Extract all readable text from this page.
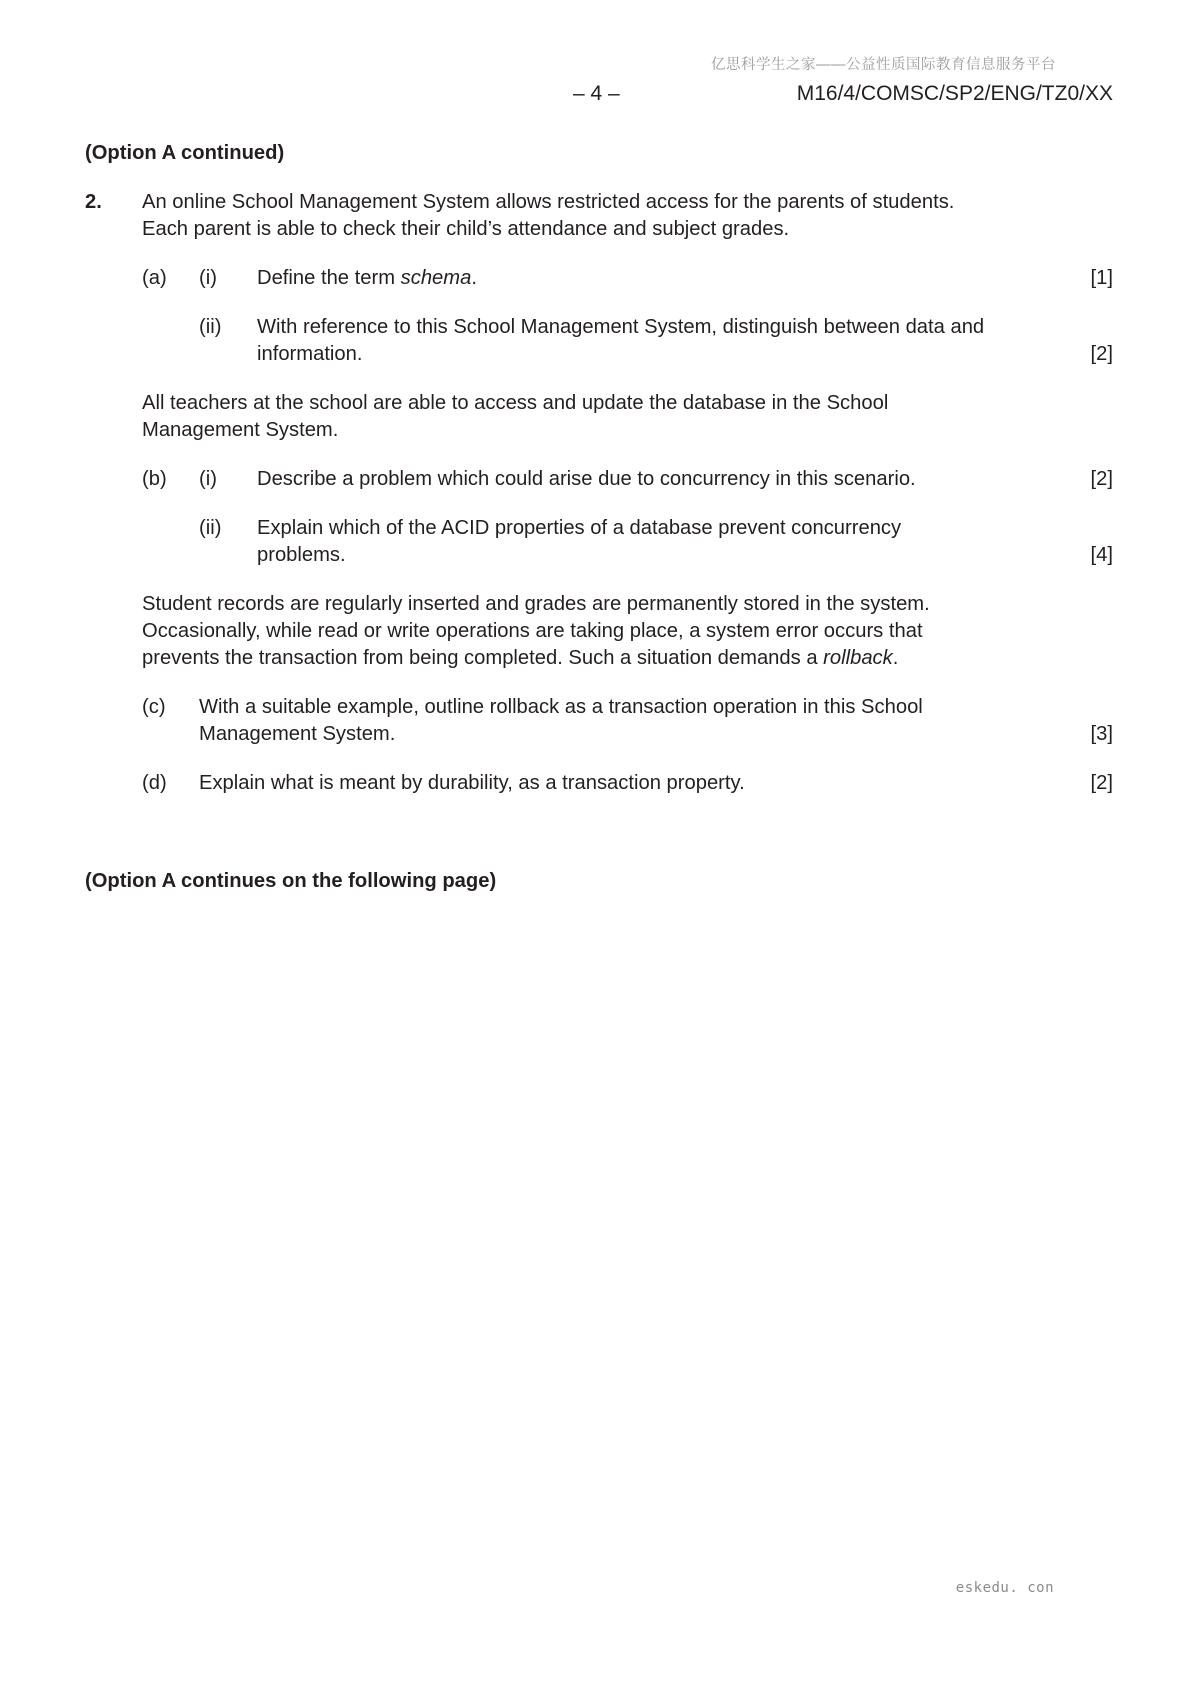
亿思科学生之家——公益性质国际教育信息服务平台
– 4 –	M16/4/COMSC/SP2/ENG/TZ0/XX
(Option A continued)
2. An online School Management System allows restricted access for the parents of students.
Each parent is able to check their child’s attendance and subject grades.
(a) (i) Define the term schema.	[1]
(ii) With reference to this School Management System, distinguish between data and
information.	[2]
All teachers at the school are able to access and update the database in the School
Management System.
(b) (i) Describe a problem which could arise due to concurrency in this scenario.	[2]
(ii) Explain which of the ACID properties of a database prevent concurrency
problems.	[4]
Student records are regularly inserted and grades are permanently stored in the system.
Occasionally, while read or write operations are taking place, a system error occurs that
prevents the transaction from being completed. Such a situation demands a rollback.
(c) With a suitable example, outline rollback as a transaction operation in this School
Management System.	[3]
(d) Explain what is meant by durability, as a transaction property.	[2]
(Option A continues on the following page)
eskedu. con
